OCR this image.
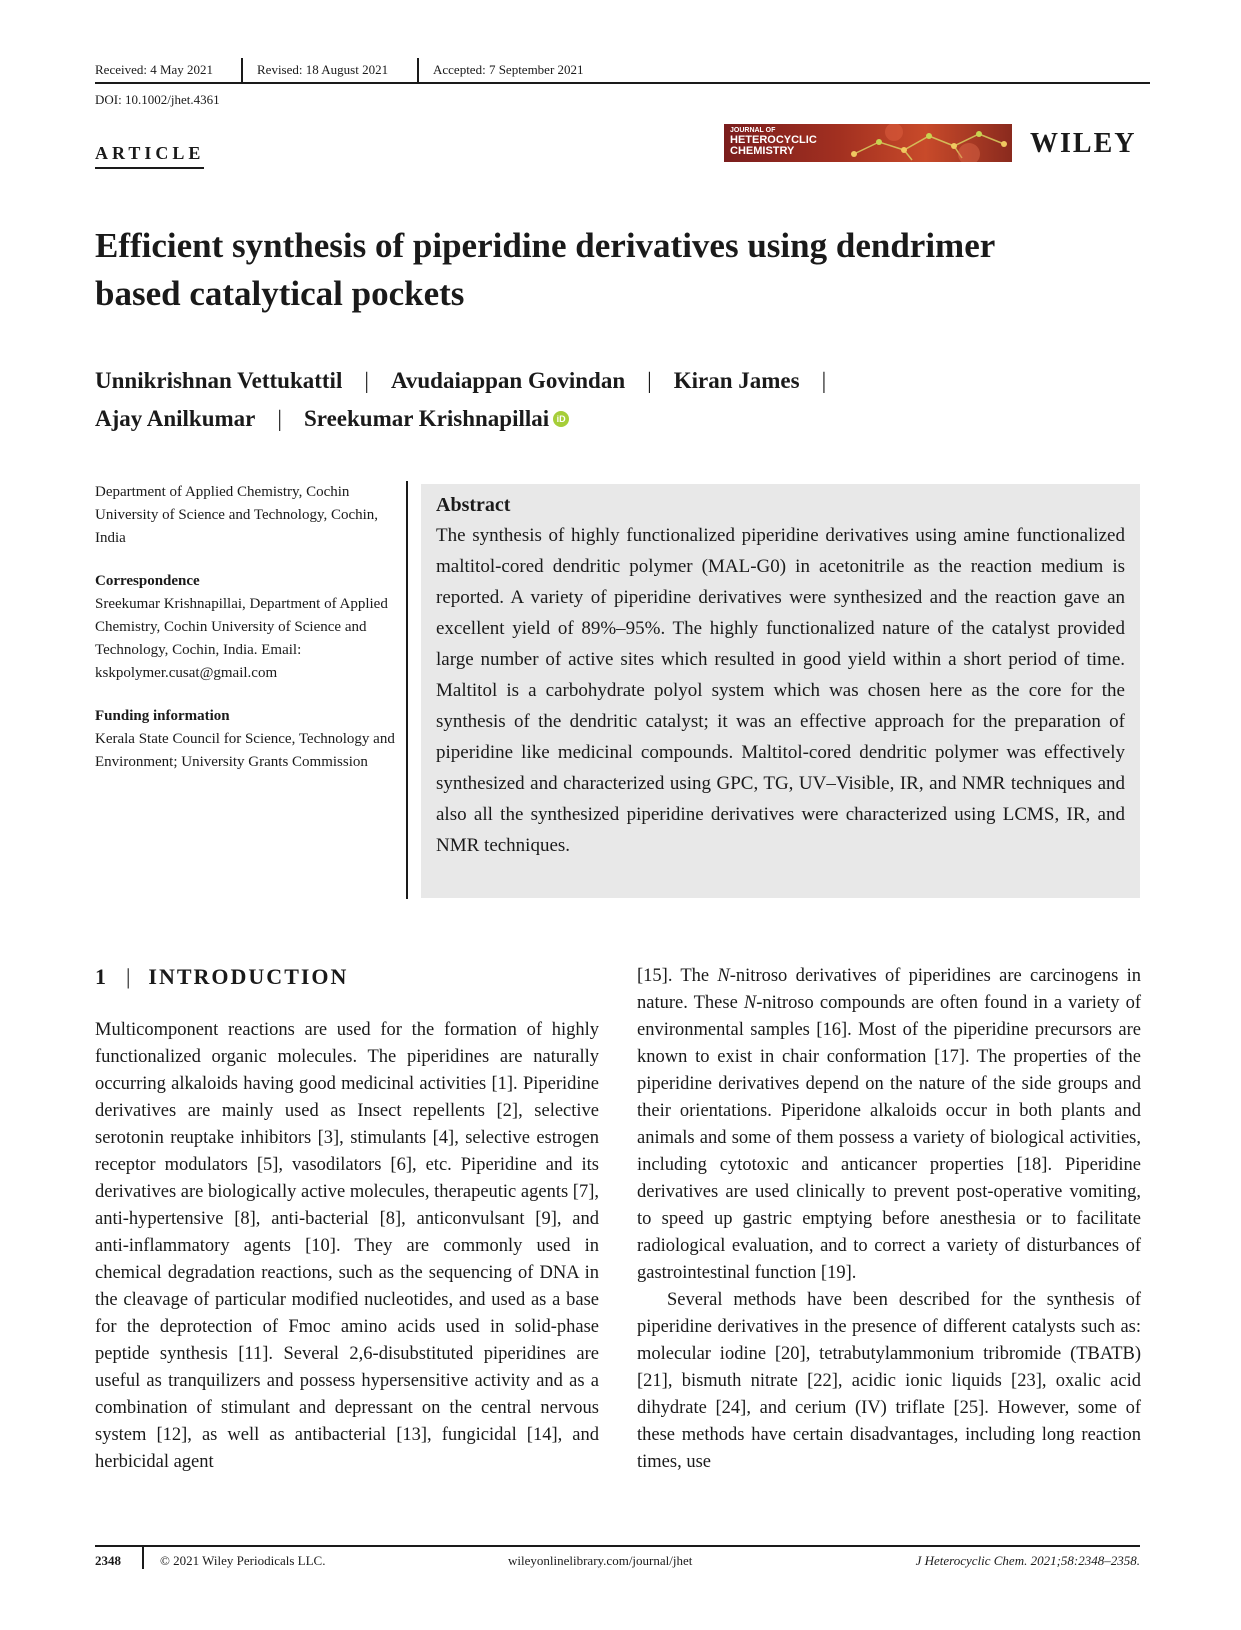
Received: 4 May 2021	Revised: 18 August 2021	Accepted: 7 September 2021
DOI: 10.1002/jhet.4361
ARTICLE
JOURNAL OF
HETEROCYCLIC
CHEMISTRY	WILEY
Efficient synthesis of piperidine derivatives using dendrimer based catalytical pockets
Unnikrishnan Vettukattil | Avudaiappan Govindan | Kiran James |
Ajay Anilkumar | Sreekumar Krishnapillai iD
Department of Applied Chemistry, Cochin University of Science and Technology, Cochin, India
Correspondence
Sreekumar Krishnapillai, Department of Applied Chemistry, Cochin University of Science and Technology, Cochin, India. Email: kskpolymer.cusat@gmail.com
Funding information
Kerala State Council for Science, Technology and Environment; University Grants Commission
Abstract

The synthesis of highly functionalized piperidine derivatives using amine functionalized maltitol-cored dendritic polymer (MAL-G0) in acetonitrile as the reaction medium is reported. A variety of piperidine derivatives were synthesized and the reaction gave an excellent yield of 89%–95%. The highly functionalized nature of the catalyst provided large number of active sites which resulted in good yield within a short period of time. Maltitol is a carbohydrate polyol system which was chosen here as the core for the synthesis of the dendritic catalyst; it was an effective approach for the preparation of piperidine like medicinal compounds. Maltitol-cored dendritic polymer was effectively synthesized and characterized using GPC, TG, UV–Visible, IR, and NMR techniques and also all the synthesized piperidine derivatives were characterized using LCMS, IR, and NMR techniques.

1 | INTRODUCTION

Multicomponent reactions are used for the formation of highly functionalized organic molecules. The piperidines are naturally occurring alkaloids having good medicinal activities [1]. Piperidine derivatives are mainly used as Insect repellents [2], selective serotonin reuptake inhibitors [3], stimulants [4], selective estrogen receptor modulators [5], vasodilators [6], etc. Piperidine and its derivatives are biologically active molecules, therapeutic agents [7], anti-hypertensive [8], anti-bacterial [8], anticonvulsant [9], and anti-inflammatory agents [10]. They are commonly used in chemical degradation reactions, such as the sequencing of DNA in the cleavage of particular modified nucleotides, and used as a base for the deprotection of Fmoc amino acids used in solid-phase peptide synthesis [11]. Several 2,6-disubstituted piperidines are useful as tranquilizers and possess hypersensitive activity and as a combination of stimulant and depressant on the central nervous system [12], as well as antibacterial [13], fungicidal [14], and herbicidal agent

[15]. The N-nitroso derivatives of piperidines are carcinogens in nature. These N-nitroso compounds are often found in a variety of environmental samples [16]. Most of the piperidine precursors are known to exist in chair conformation [17]. The properties of the piperidine derivatives depend on the nature of the side groups and their orientations. Piperidone alkaloids occur in both plants and animals and some of them possess a variety of biological activities, including cytotoxic and anticancer properties [18]. Piperidine derivatives are used clinically to prevent post-operative vomiting, to speed up gastric emptying before anesthesia or to facilitate radiological evaluation, and to correct a variety of disturbances of gastrointestinal function [19].

Several methods have been described for the synthesis of piperidine derivatives in the presence of different catalysts such as: molecular iodine [20], tetrabutylammonium tribromide (TBATB) [21], bismuth nitrate [22], acidic ionic liquids [23], oxalic acid dihydrate [24], and cerium (IV) triflate [25]. However, some of these methods have certain disadvantages, including long reaction times, use

2348	© 2021 Wiley Periodicals LLC.	wileyonlinelibrary.com/journal/jhet	J Heterocyclic Chem. 2021;58:2348–2358.
